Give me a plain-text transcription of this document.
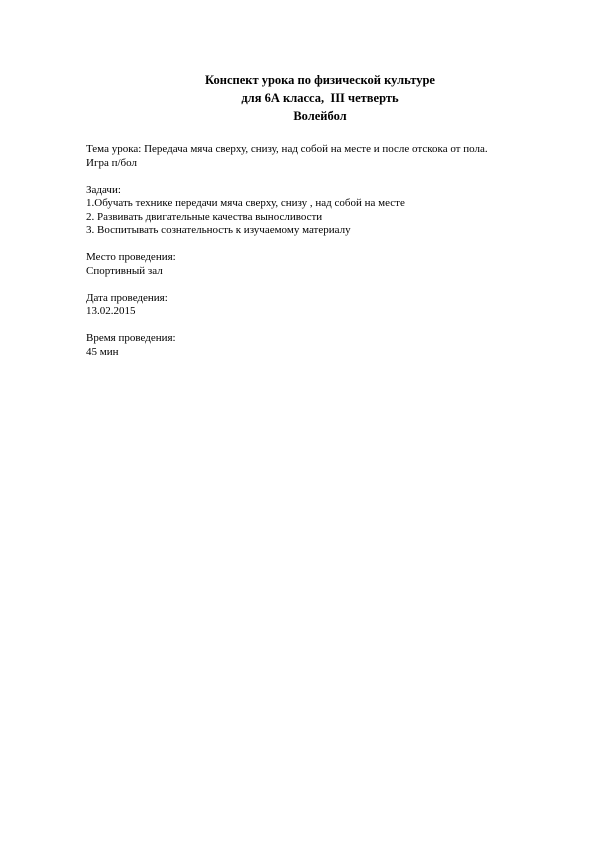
Конспект урока по физической культуре
для 6А класса,  III четверть
Волейбол
Тема урока: Передача мяча сверху, снизу, над собой на месте и после отскока от пола.
Игра п/бол
Задачи:
1.Обучать технике передачи мяча сверху, снизу , над собой на месте
2. Развивать двигательные качества выносливости
3. Воспитывать сознательность к изучаемому материалу
Место проведения:
Спортивный зал
Дата проведения:
13.02.2015
Время проведения:
45 мин
